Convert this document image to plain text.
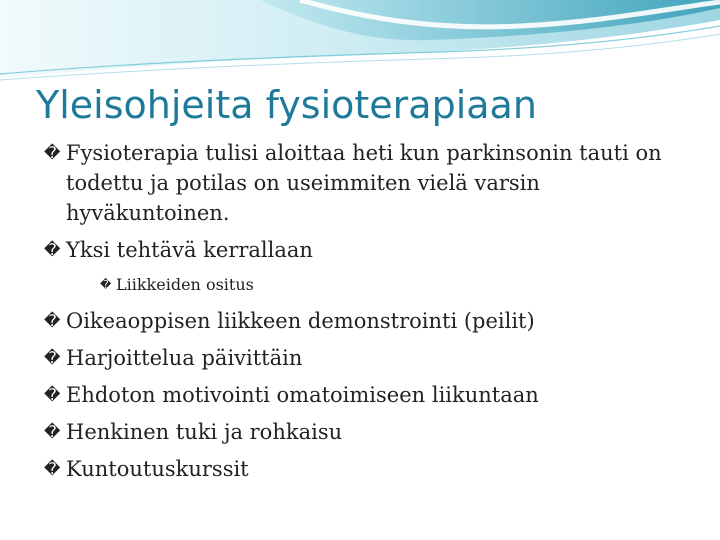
Yleisohjeita fysioterapiaan
� Fysioterapia tulisi aloittaa heti kun parkinsonin tauti on todettu ja potilas on useimmiten vielä varsin hyväkuntoinen.
� Yksi tehtävä kerrallaan
� Liikkeiden ositus
� Oikeaoppisen liikkeen demonstrointi (peilit)
� Harjoittelua päivittäin
� Ehdoton motivointi omatoimiseen liikuntaan
� Henkinen tuki ja rohkaisu
� Kuntoutuskurssit
